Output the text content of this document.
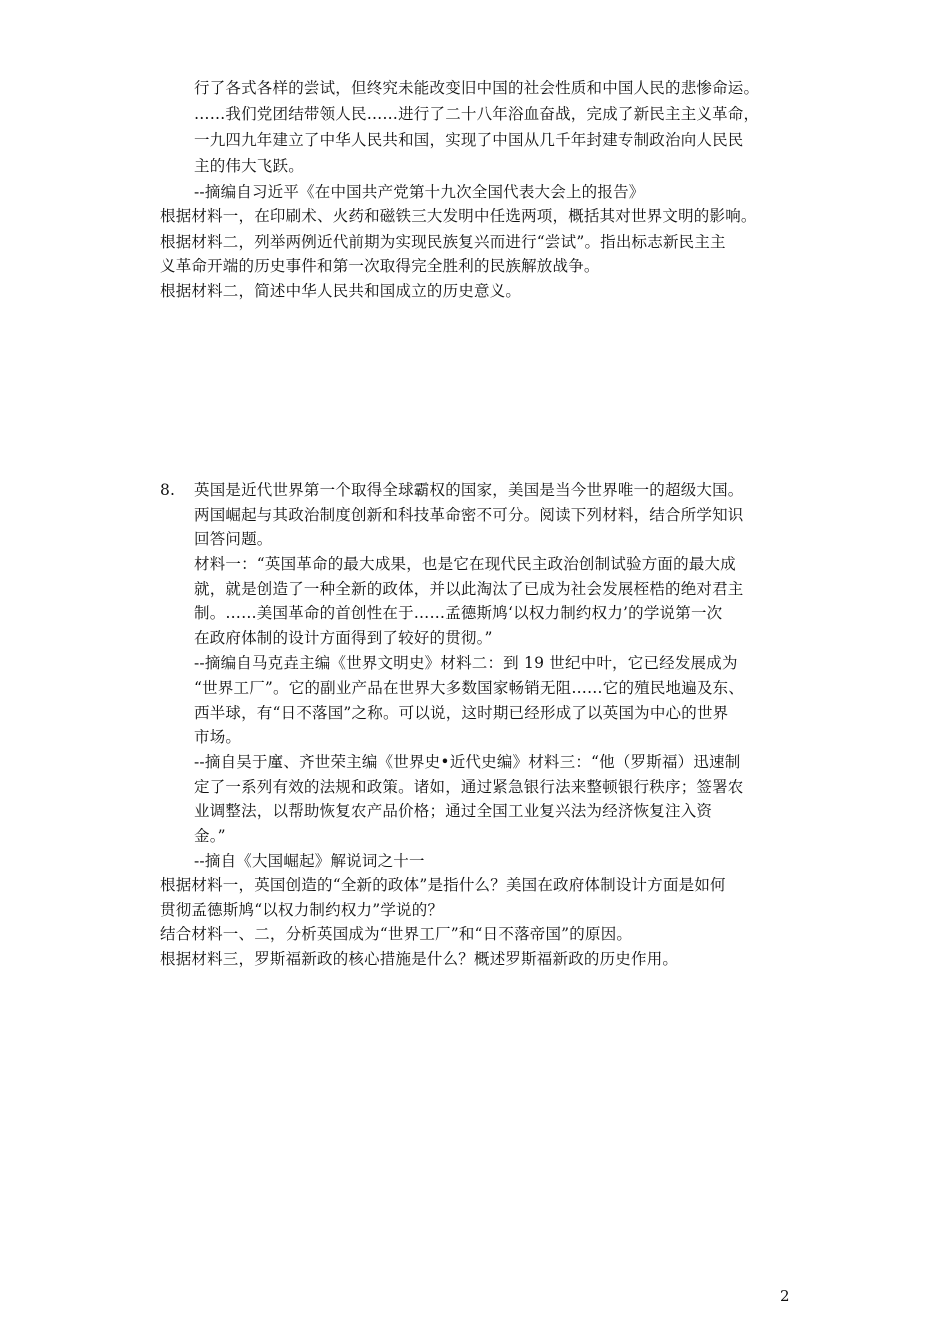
行了各式各样的尝试，但终究未能改变旧中国的社会性质和中国人民的悲惨命运。
……我们党团结带领人民……进行了二十八年浴血奋战，完成了新民主主义革命，
一九四九年建立了中华人民共和国，实现了中国从几千年封建专制政治向人民民
主的伟大飞跃。
--摘编自习近平《在中国共产党第十九次全国代表大会上的报告》
根据材料一，在印刷术、火药和磁铁三大发明中任选两项，概括其对世界文明的影响。
根据材料二，列举两例近代前期为实现民族复兴而进行“尝试”。指出标志新民主主
义革命开端的历史事件和第一次取得完全胜利的民族解放战争。
根据材料二，简述中华人民共和国成立的历史意义。
8. 英国是近代世界第一个取得全球霸权的国家，美国是当今世界唯一的超级大国。
两国崛起与其政治制度创新和科技革命密不可分。阅读下列材料，结合所学知识
回答问题。
材料一：“英国革命的最大成果，也是它在现代民主政治创制试验方面的最大成
就，就是创造了一种全新的政体，并以此淘汰了已成为社会发展桎梏的绝对君主
制。……美国革命的首创性在于……孟德斯鸠‘以权力制约权力’的学说第一次
在政府体制的设计方面得到了较好的贯彻。”
--摘编自马克垚主编《世界文明史》材料二：到 19 世纪中叶，它已经发展成为
“世界工厂”。它的副业产品在世界大多数国家畅销无阻……它的殖民地遍及东、
西半球，有“日不落国”之称。可以说，这时期已经形成了以英国为中心的世界
市场。
--摘自吴于廑、齐世荣主编《世界史•近代史编》材料三：“他（罗斯福）迅速制
定了一系列有效的法规和政策。诸如，通过紧急银行法来整顿银行秩序；签署农
业调整法，以帮助恢复农产品价格；通过全国工业复兴法为经济恢复注入资
金。”
--摘自《大国崛起》解说词之十一
根据材料一，英国创造的“全新的政体”是指什么？美国在政府体制设计方面是如何
贯彻孟德斯鸠“以权力制约权力”学说的？
结合材料一、二，分析英国成为“世界工厂”和“日不落帝国”的原因。
根据材料三，罗斯福新政的核心措施是什么？概述罗斯福新政的历史作用。
2
